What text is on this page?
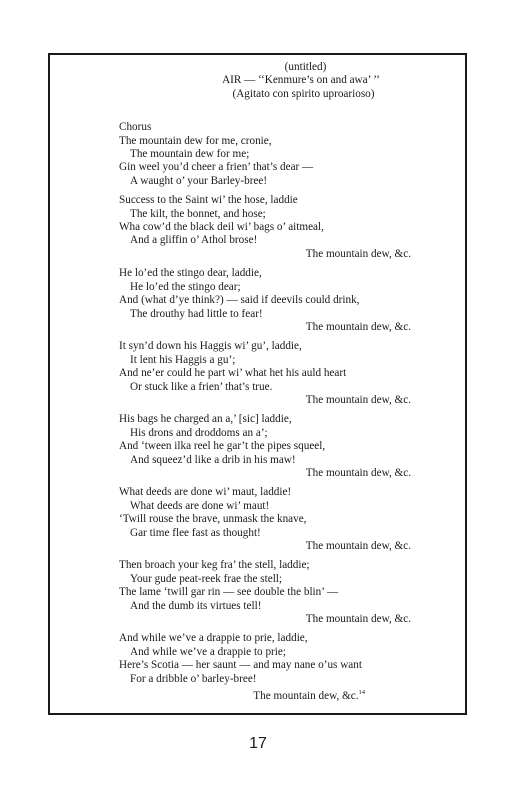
(untitled)
AIR — ‘‘Kenmure’s on and awa’ ’’
(Agitato con spirito uproarioso)
Chorus
The mountain dew for me, cronie,
The mountain dew for me;
Gin weel you’d cheer a frien’ that’s dear —
A waught o’ your Barley-bree!
Success to the Saint wi’ the hose, laddie
The kilt, the bonnet, and hose;
Wha cow’d the black deil wi’ bags o’ aitmeal,
And a gliffin o’ Athol brose!
The mountain dew, &c.
He lo’ed the stingo dear, laddie,
He lo’ed the stingo dear;
And (what d’ye think?) — said if deevils could drink,
The drouthy had little to fear!
The mountain dew, &c.
It syn’d down his Haggis wi’ gu’, laddie,
It lent his Haggis a gu’;
And ne’er could he part wi’ what het his auld heart
Or stuck like a frien’ that’s true.
The mountain dew, &c.
His bags he charged an a,’ [sic] laddie,
His drons and droddoms an a’;
And ‘tween ilka reel he gar’t the pipes squeel,
And squeez’d like a drib in his maw!
The mountain dew, &c.
What deeds are done wi’ maut, laddie!
What deeds are done wi’ maut!
‘Twill rouse the brave, unmask the knave,
Gar time flee fast as thought!
The mountain dew, &c.
Then broach your keg fra’ the stell, laddie;
Your gude peat-reek frae the stell;
The lame ‘twill gar rin — see double the blin’ —
And the dumb its virtues tell!
The mountain dew, &c.
And while we’ve a drappie to prie, laddie,
And while we’ve a drappie to prie;
Here’s Scotia — her saunt — and may nane o’us want
For a dribble o’ barley-bree!
The mountain dew, &c.$^{14}$
17
